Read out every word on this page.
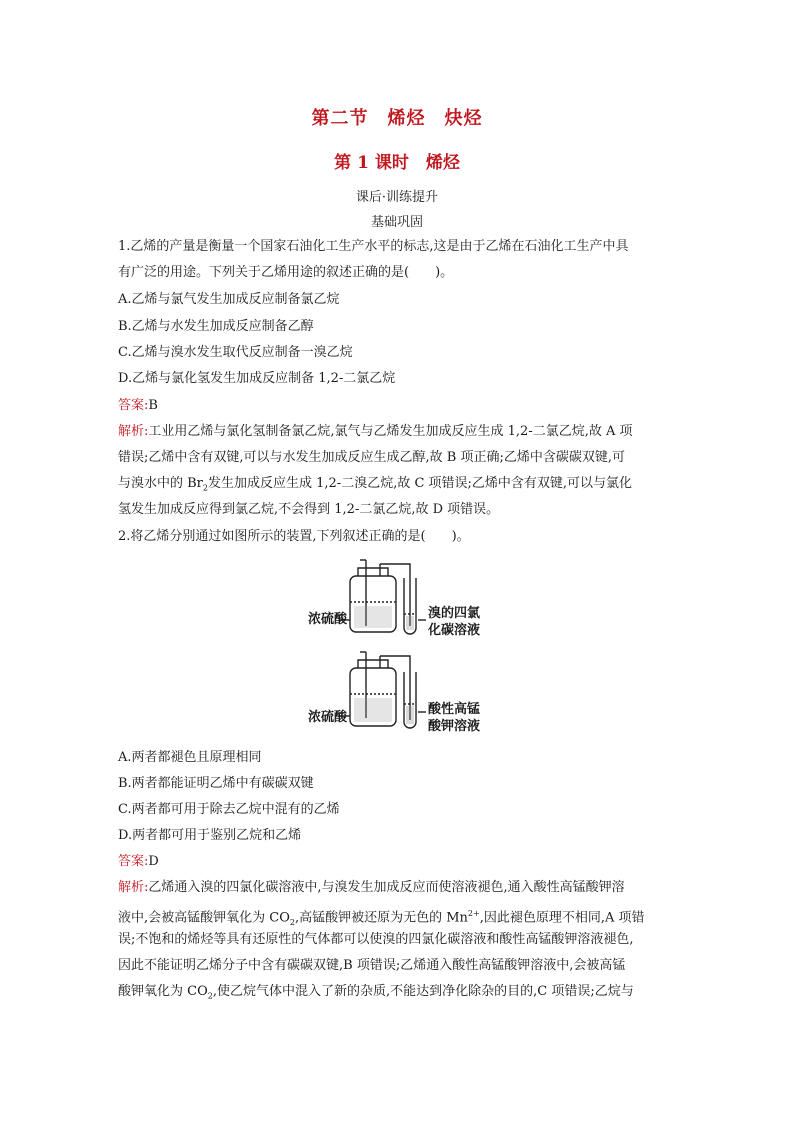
第二节　烯烃　炔烃
第 1 课时　烯烃
课后·训练提升
基础巩固
1.乙烯的产量是衡量一个国家石油化工生产水平的标志,这是由于乙烯在石油化工生产中具
有广泛的用途。下列关于乙烯用途的叙述正确的是(　　)。
A.乙烯与氯气发生加成反应制备氯乙烷
B.乙烯与水发生加成反应制备乙醇
C.乙烯与溴水发生取代反应制备一溴乙烷
D.乙烯与氯化氢发生加成反应制备 1,2-二氯乙烷
答案:B
解析:工业用乙烯与氯化氢制备氯乙烷,氯气与乙烯发生加成反应生成 1,2-二氯乙烷,故 A 项
错误;乙烯中含有双键,可以与水发生加成反应生成乙醇,故 B 项正确;乙烯中含碳碳双键,可
与溴水中的 $Br_2$发生加成反应生成 1,2-二溴乙烷,故 C 项错误;乙烯中含有双键,可以与氯化
氢发生加成反应得到氯乙烷,不会得到 1,2-二氯乙烷,故 D 项错误。
2.将乙烯分别通过如图所示的装置,下列叙述正确的是(　　)。
浓硫酸	溴的四氯
化碳溶液
浓硫酸
酸性高锰
酸钾溶液
A.两者都褪色且原理相同
B.两者都能证明乙烯中有碳碳双键
C.两者都可用于除去乙烷中混有的乙烯
D.两者都可用于鉴别乙烷和乙烯
答案:D
解析:乙烯通入溴的四氯化碳溶液中,与溴发生加成反应而使溶液褪色,通入酸性高锰酸钾溶
液中,会被高锰酸钾氧化为 $CO_2$,高锰酸钾被还原为无色的 $Mn^{2+}$,因此褪色原理不相同,A 项错
误;不饱和的烯烃等具有还原性的气体都可以使溴的四氯化碳溶液和酸性高锰酸钾溶液褪色,
因此不能证明乙烯分子中含有碳碳双键,B 项错误;乙烯通入酸性高锰酸钾溶液中,会被高锰
酸钾氧化为 $CO_2$,使乙烷气体中混入了新的杂质,不能达到净化除杂的目的,C 项错误;乙烷与
